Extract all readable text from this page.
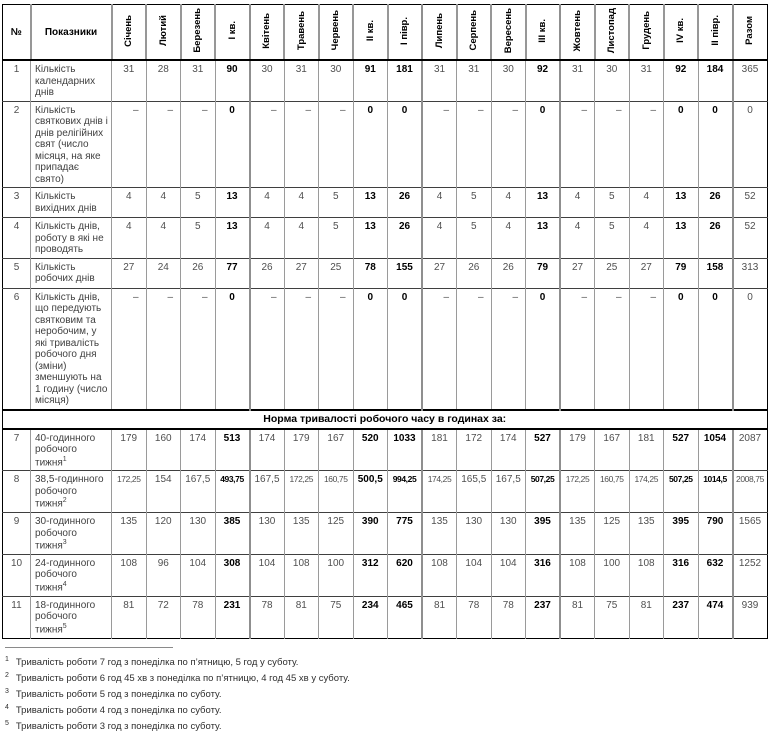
№	Показники	Січень	Лютий	Березень	І кв.	Квітень	Травень	Червень	ІІ кв.	І півр.	Липень	Серпень	Вересень	ІІІ кв.	Жовтень	Листопад	Грудень	IV кв.	ІІ півр.	Разом
1	Кількість календарних днів	31	28	31	90	30	31	30	91	181	31	31	30	92	31	30	31	92	184	365
2	Кількість святкових днів і днів релігійних свят (число місяця, на яке припадає свято)	–	–	–	0	–	–	–	0	0	–	–	–	0	–	–	–	0	0	0
3	Кількість вихідних днів	4	4	5	13	4	4	5	13	26	4	5	4	13	4	5	4	13	26	52
4	Кількість днів, роботу в які не проводять	4	4	5	13	4	4	5	13	26	4	5	4	13	4	5	4	13	26	52
5	Кількість робочих днів	27	24	26	77	26	27	25	78	155	27	26	26	79	27	25	27	79	158	313
6	Кількість днів, що передують святковим та неробочим, у які тривалість робочого дня (зміни) зменшують на 1 годину (число місяця)	–	–	–	0	–	–	–	0	0	–	–	–	0	–	–	–	0	0	0
Норма тривалості робочого часу в годинах за:																				
7	40-годинного робочого тижня$^1$	179	160	174	513	174	179	167	520	1033	181	172	174	527	179	167	181	527	1054	2087
8	38,5-годинного робочого тижня$^2$	172,25	154	167,5	493,75	167,5	172,25	160,75	500,5	994,25	174,25	165,5	167,5	507,25	172,25	160,75	174,25	507,25	1014,5	2008,75
9	30-годинного робочого тижня$^3$	135	120	130	385	130	135	125	390	775	135	130	130	395	135	125	135	395	790	1565
10	24-годинного робочого тижня$^4$	108	96	104	308	104	108	100	312	620	108	104	104	316	108	100	108	316	632	1252
11	18-годинного робочого тижня$^5$	81	72	78	231	78	81	75	234	465	81	78	78	237	81	75	81	237	474	939
$^1$ Тривалість роботи 7 год з понеділка по п’ятницю, 5 год у суботу.
$^2$ Тривалість роботи 6 год 45 хв з понеділка по п’ятницю, 4 год 45 хв у суботу.
$^3$ Тривалість роботи 5 год з понеділка по суботу.
$^4$ Тривалість роботи 4 год з понеділка по суботу.
$^5$ Тривалість роботи 3 год з понеділка по суботу.
